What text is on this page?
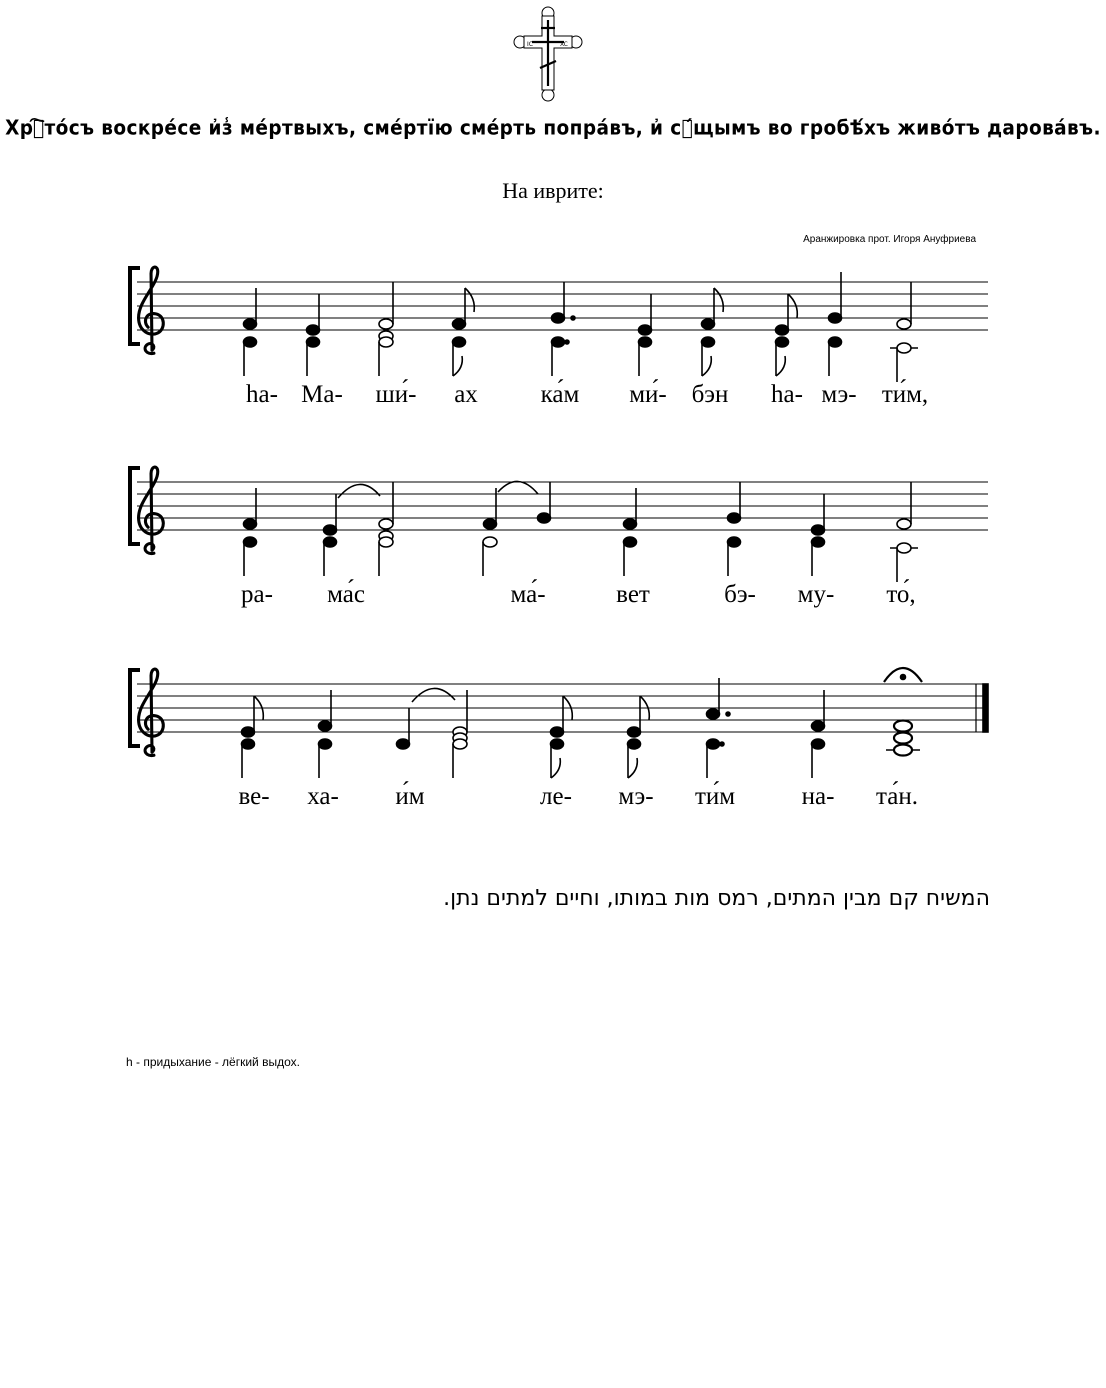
IC	XC
Хрⷭ҇то́съ воскре́се и҆з̾ ме́ртвыхъ, сме́ртїю сме́рть попра́въ, и҆ сꙋ́щымъ во гробѣ́хъ живо́тъ дарова́въ.
На иврите:
Аранжировка прот. Игоря Ануфриева
hа- Ма- ши́- ах	ка́м ми́- бэн hа- мэ- ти́м,
ра- ма́с	ма́-	вет	бэ- му- то́,
ве- ха- и́м	ле- мэ- ти́м	на- та́н.
המשיח קם מבין המתים, רמס מות במותו, וחיים למתים נתן.
h - придыхание - лёгкий выдох.
